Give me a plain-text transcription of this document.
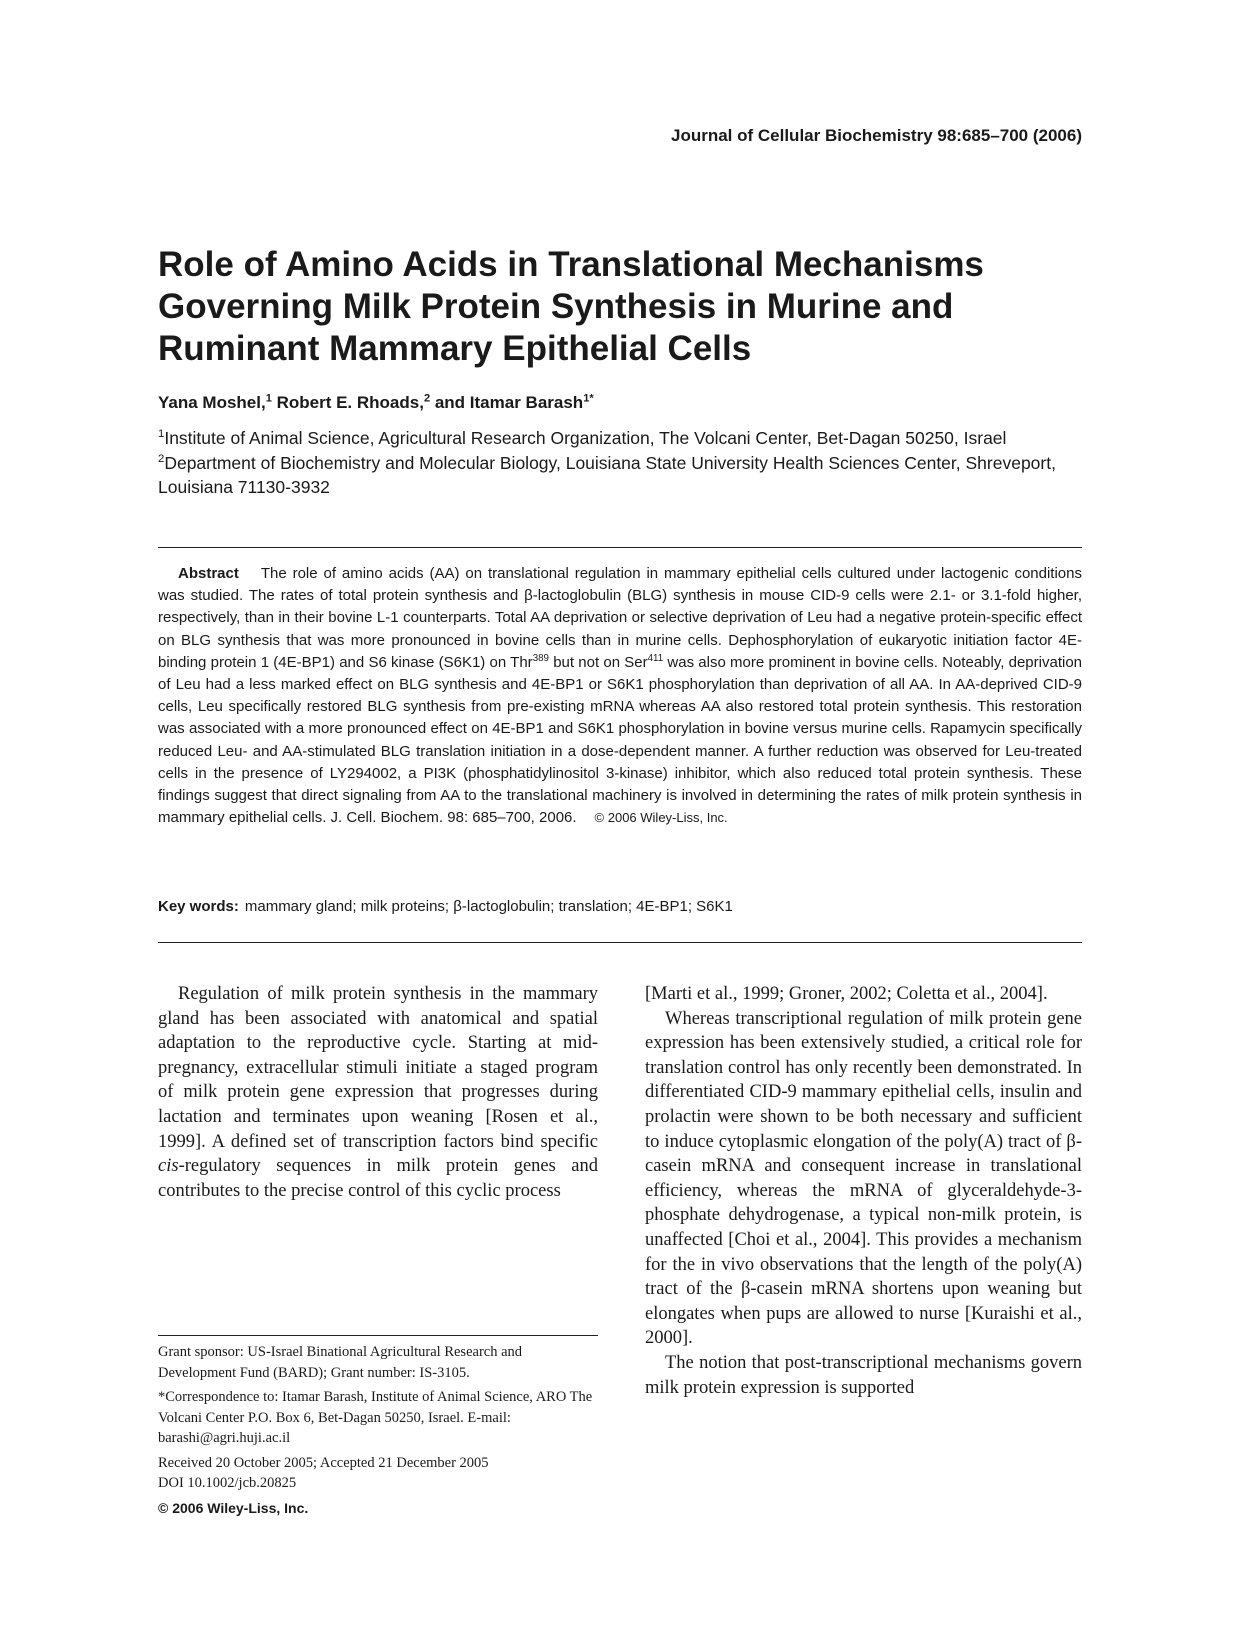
Journal of Cellular Biochemistry 98:685–700 (2006)
Role of Amino Acids in Translational Mechanisms Governing Milk Protein Synthesis in Murine and Ruminant Mammary Epithelial Cells
Yana Moshel,$^1$ Robert E. Rhoads,$^2$ and Itamar Barash$^{1*}$

$^1$Institute of Animal Science, Agricultural Research Organization, The Volcani Center, Bet-Dagan 50250, Israel

$^2$Department of Biochemistry and Molecular Biology, Louisiana State University Health Sciences Center, Shreveport, Louisiana 71130-3932

Abstract The role of amino acids (AA) on translational regulation in mammary epithelial cells cultured under lactogenic conditions was studied. The rates of total protein synthesis and β-lactoglobulin (BLG) synthesis in mouse CID-9 cells were 2.1- or 3.1-fold higher, respectively, than in their bovine L-1 counterparts. Total AA deprivation or selective deprivation of Leu had a negative protein-specific effect on BLG synthesis that was more pronounced in bovine cells than in murine cells. Dephosphorylation of eukaryotic initiation factor 4E-binding protein 1 (4E-BP1) and S6 kinase (S6K1) on Thr$^{389}$ but not on Ser$^{411}$ was also more prominent in bovine cells. Noteably, deprivation of Leu had a less marked effect on BLG synthesis and 4E-BP1 or S6K1 phosphorylation than deprivation of all AA. In AA-deprived CID-9 cells, Leu specifically restored BLG synthesis from pre-existing mRNA whereas AA also restored total protein synthesis. This restoration was associated with a more pronounced effect on 4E-BP1 and S6K1 phosphorylation in bovine versus murine cells. Rapamycin specifically reduced Leu- and AA-stimulated BLG translation initiation in a dose-dependent manner. A further reduction was observed for Leu-treated cells in the presence of LY294002, a PI3K (phosphatidylinositol 3-kinase) inhibitor, which also reduced total protein synthesis. These findings suggest that direct signaling from AA to the translational machinery is involved in determining the rates of milk protein synthesis in mammary epithelial cells. J. Cell. Biochem. 98: 685–700, 2006. © 2006 Wiley-Liss, Inc.

Key words: mammary gland; milk proteins; β-lactoglobulin; translation; 4E-BP1; S6K1

Regulation of milk protein synthesis in the mammary gland has been associated with anatomical and spatial adaptation to the reproductive cycle. Starting at mid-pregnancy, extracellular stimuli initiate a staged program of milk protein gene expression that progresses during lactation and terminates upon weaning [Rosen et al., 1999]. A defined set of transcription factors bind specific cis-regulatory sequences in milk protein genes and contributes to the precise control of this cyclic process

[Marti et al., 1999; Groner, 2002; Coletta et al., 2004].

Whereas transcriptional regulation of milk protein gene expression has been extensively studied, a critical role for translation control has only recently been demonstrated. In differentiated CID-9 mammary epithelial cells, insulin and prolactin were shown to be both necessary and sufficient to induce cytoplasmic elongation of the poly(A) tract of β-casein mRNA and consequent increase in translational efficiency, whereas the mRNA of glyceraldehyde-3-phosphate dehydrogenase, a typical non-milk protein, is unaffected [Choi et al., 2004]. This provides a mechanism for the in vivo observations that the length of the poly(A) tract of the β-casein mRNA shortens upon weaning but elongates when pups are allowed to nurse [Kuraishi et al., 2000].

The notion that post-transcriptional mechanisms govern milk protein expression is supported

Grant sponsor: US-Israel Binational Agricultural Research and Development Fund (BARD); Grant number: IS-3105.

*Correspondence to: Itamar Barash, Institute of Animal Science, ARO The Volcani Center P.O. Box 6, Bet-Dagan 50250, Israel. E-mail: barashi@agri.huji.ac.il

Received 20 October 2005; Accepted 21 December 2005

DOI 10.1002/jcb.20825

© 2006 Wiley-Liss, Inc.
